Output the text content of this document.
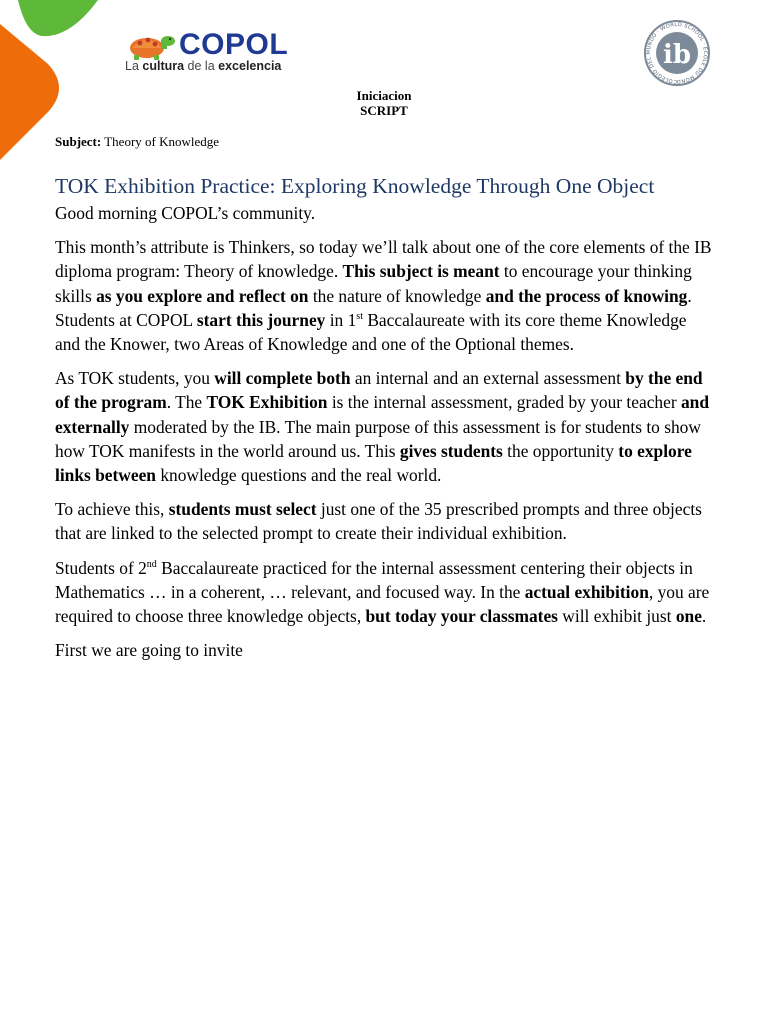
COPOL
La cultura de la excelencia
COLEGIO DEL MUNDO · WORLD SCHOOL · ÉCOLE DU MOND
ib
Iniciacion
SCRIPT
Subject: Theory of Knowledge
TOK Exhibition Practice: Exploring Knowledge Through One Object

Good morning COPOL’s community.

This month’s attribute is Thinkers, so today we’ll talk about one of the core elements of the IB diploma program: Theory of knowledge. This subject is meant to encourage your thinking skills as you explore and reflect on the nature of knowledge and the process of knowing. Students at COPOL start this journey in 1st Baccalaureate with its core theme Knowledge and the Knower, two Areas of Knowledge and one of the Optional themes.

As TOK students, you will complete both an internal and an external assessment by the end of the program. The TOK Exhibition is the internal assessment, graded by your teacher and externally moderated by the IB. The main purpose of this assessment is for students to show how TOK manifests in the world around us. This gives students the opportunity to explore links between knowledge questions and the real world.

To achieve this, students must select just one of the 35 prescribed prompts and three objects that are linked to the selected prompt to create their individual exhibition.

Students of 2nd Baccalaureate practiced for the internal assessment centering their objects in Mathematics … in a coherent, … relevant, and focused way. In the actual exhibition, you are required to choose three knowledge objects, but today your classmates will exhibit just one.

First we are going to invite
